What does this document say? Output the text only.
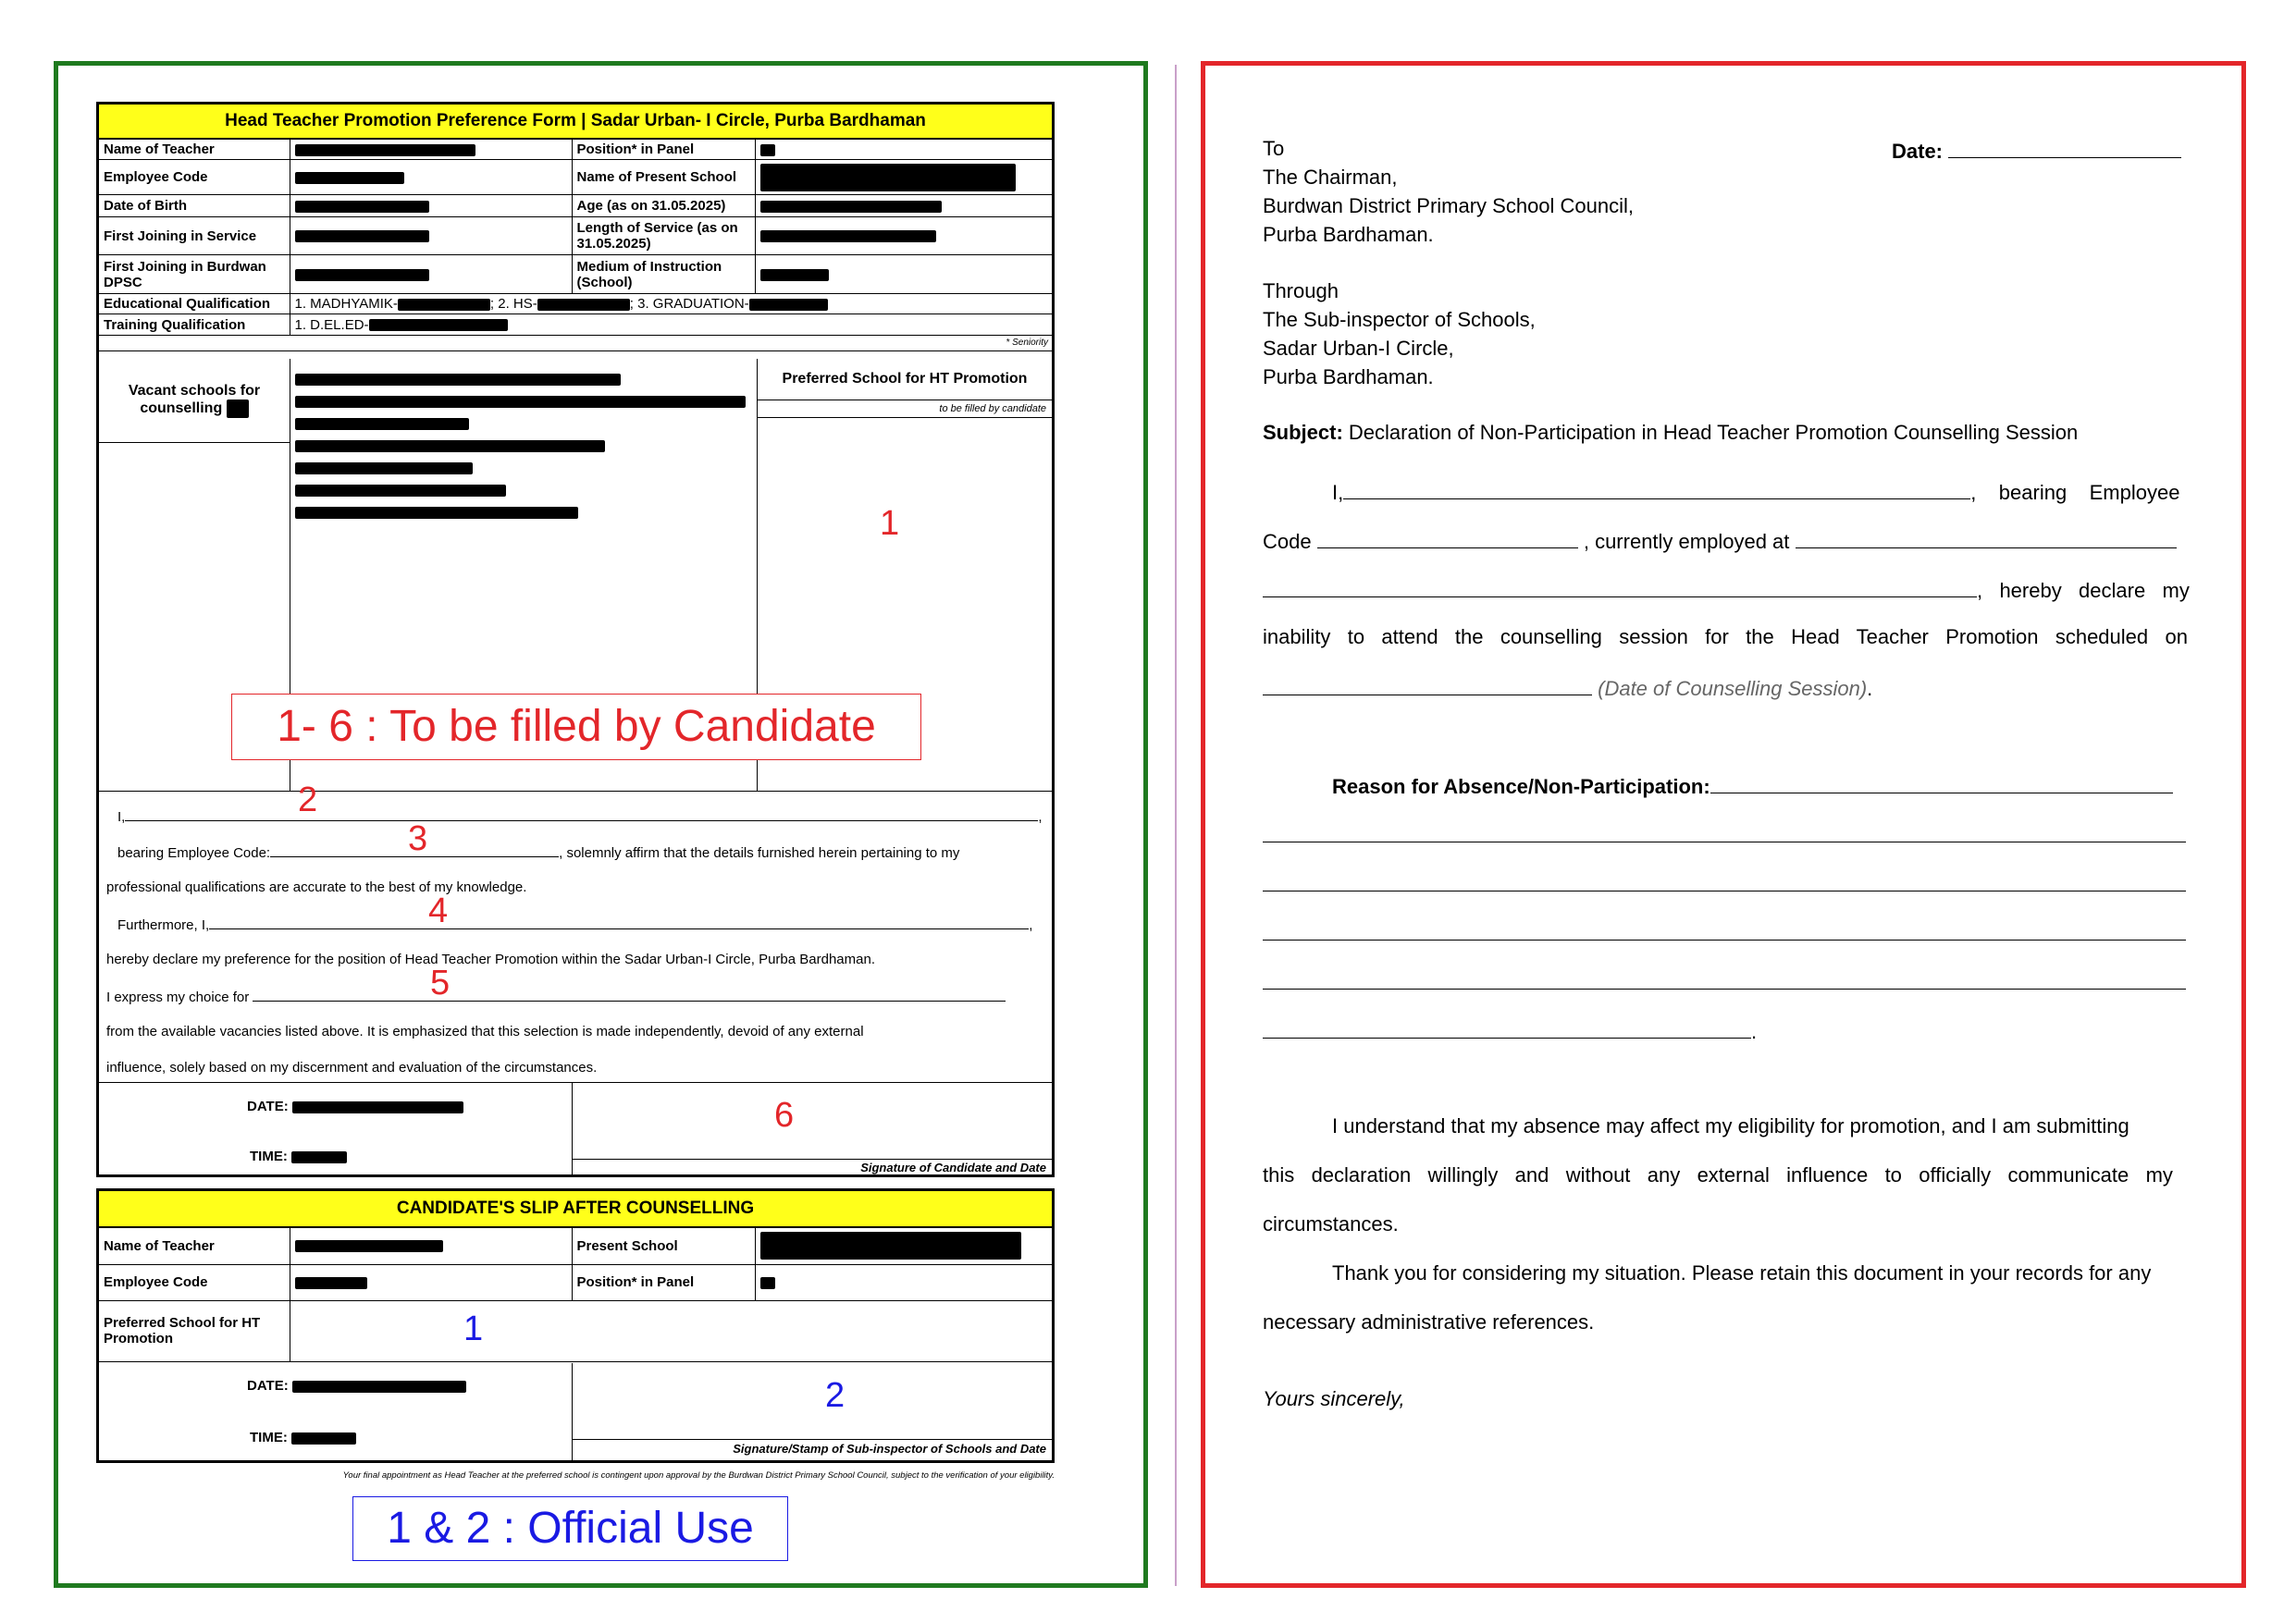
Head Teacher Promotion Preference Form | Sadar Urban- I Circle, Purba Bardhaman
Name of Teacher		Position* in Panel	
Employee Code		Name of Present School	
Date of Birth		Age (as on 31.05.2025)	
First Joining in Service		Length of Service (as on 31.05.2025)	
First Joining in Burdwan DPSC		Medium of Instruction (School)	
Educational Qualification	1. MADHYAMIK- ; 2. HS- ; 3. GRADUATION-		
Training Qualification	1. D.EL.ED-		
* Seniority
Vacant schools for counselling
Preferred School for HT Promotion
to be filled by candidate
I,	,
bearing Employee Code:	, solemnly affirm that the details furnished herein pertaining to my
professional qualifications are accurate to the best of my knowledge.
Furthermore, I,	,
hereby declare my preference for the position of Head Teacher Promotion within the Sadar Urban-I Circle, Purba Bardhaman.
I express my choice for
from the available vacancies listed above. It is emphasized that this selection is made independently, devoid of any external
influence, solely based on my discernment and evaluation of the circumstances.
DATE:
TIME:
Signature of Candidate and Date
1
2
3
4
5
6
1- 6 : To be filled by Candidate
CANDIDATE'S SLIP AFTER COUNSELLING
Name of Teacher		Present School	
Employee Code		Position* in Panel	
Preferred School for HT Promotion			
DATE:
TIME:
Signature/Stamp of Sub-inspector of Schools and Date
1
2
Your final appointment as Head Teacher at the preferred school is contingent upon approval by the Burdwan District Primary School Council, subject to the verification of your eligibility.
1 & 2 : Official Use
To	Date:
The Chairman,
Burdwan District Primary School Council,
Purba Bardhaman.
Through
The Sub-inspector of Schools,
Sadar Urban-I Circle,
Purba Bardhaman.
Subject: Declaration of Non-Participation in Head Teacher Promotion Counselling Session
I,	,    bearing    Employee
Code	, currently employed at
,   hereby   declare   my
inability   to   attend   the   counselling   session   for   the   Head   Teacher   Promotion   scheduled   on
(Date of Counselling Session).
Reason for Absence/Non-Participation:
.
I understand that my absence may affect my eligibility for promotion, and I am submitting
this   declaration   willingly   and   without   any   external   influence   to   officially   communicate   my
circumstances.
Thank you for considering my situation. Please retain this document in your records for any
necessary administrative references.
Yours sincerely,
